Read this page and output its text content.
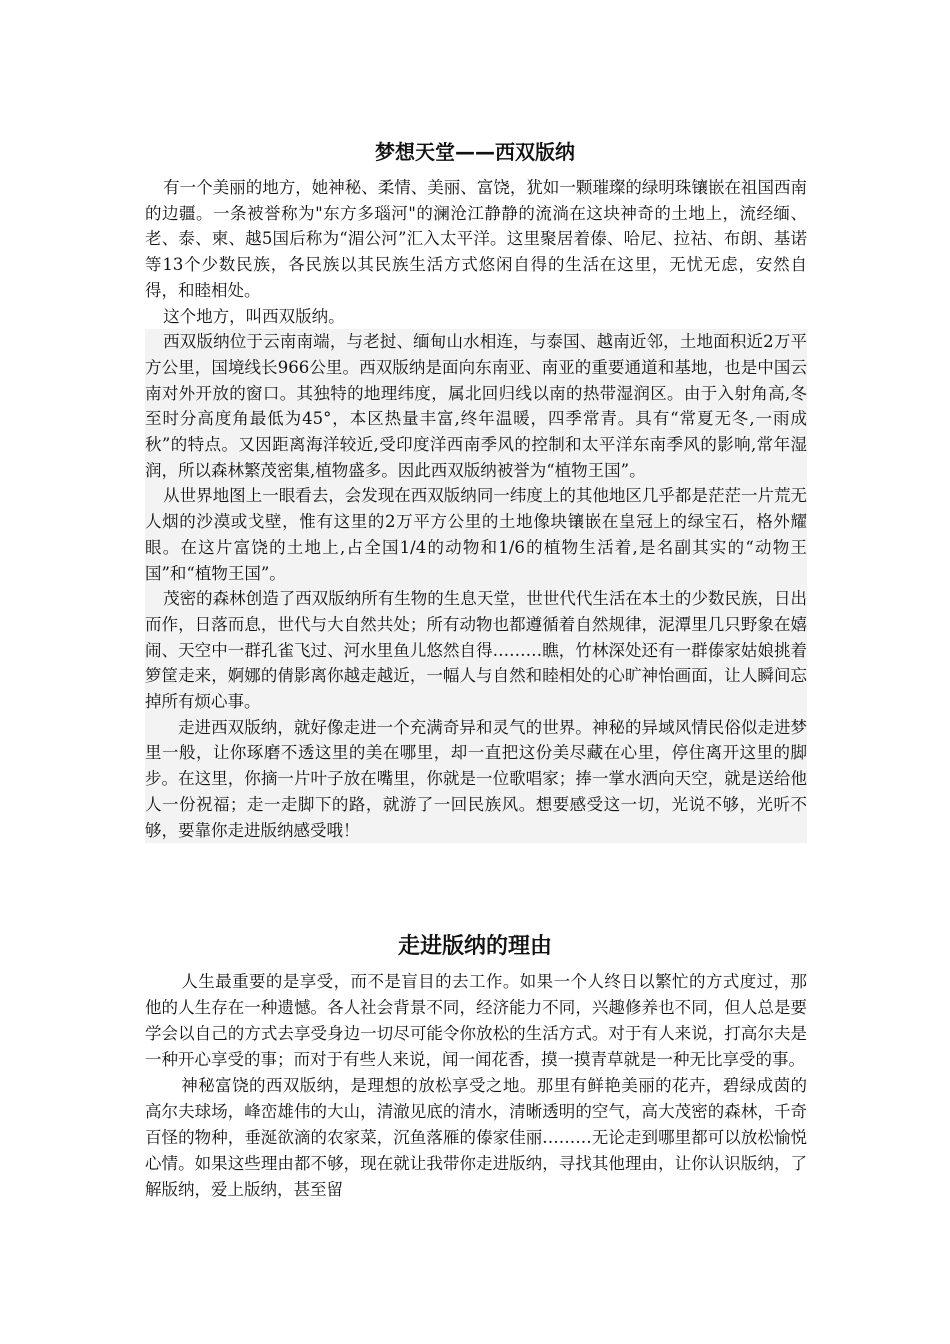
梦想天堂——西双版纳

有一个美丽的地方，她神秘、柔情、美丽、富饶，犹如一颗璀璨的绿明珠镶嵌在祖国西南的边疆。一条被誉称为"东方多瑙河"的澜沧江静静的流淌在这块神奇的土地上，流经缅、老、泰、柬、越5国后称为“湄公河”汇入太平洋。这里聚居着傣、哈尼、拉祜、布朗、基诺等13个少数民族，各民族以其民族生活方式悠闲自得的生活在这里，无忧无虑，安然自得，和睦相处。

这个地方，叫西双版纳。

西双版纳位于云南南端，与老挝、缅甸山水相连，与泰国、越南近邻，土地面积近2万平方公里，国境线长966公里。西双版纳是面向东南亚、南亚的重要通道和基地，也是中国云南对外开放的窗口。其独特的地理纬度，属北回归线以南的热带湿润区。由于入射角高,冬至时分高度角最低为45°，本区热量丰富,终年温暖，四季常青。具有“常夏无冬,一雨成秋”的特点。又因距离海洋较近,受印度洋西南季风的控制和太平洋东南季风的影响,常年湿润，所以森林繁茂密集,植物盛多。因此西双版纳被誉为“植物王国”。

从世界地图上一眼看去，会发现在西双版纳同一纬度上的其他地区几乎都是茫茫一片荒无人烟的沙漠或戈壁，惟有这里的2万平方公里的土地像块镶嵌在皇冠上的绿宝石，格外耀眼。在这片富饶的土地上,占全国1/4的动物和1/6的植物生活着,是名副其实的“动物王国”和“植物王国”。

茂密的森林创造了西双版纳所有生物的生息天堂，世世代代生活在本土的少数民族，日出而作，日落而息，世代与大自然共处；所有动物也都遵循着自然规律，泥潭里几只野象在嬉闹、天空中一群孔雀飞过、河水里鱼儿悠然自得………瞧，竹林深处还有一群傣家姑娘挑着箩筐走来，婀娜的倩影离你越走越近，一幅人与自然和睦相处的心旷神怡画面，让人瞬间忘掉所有烦心事。

走进西双版纳，就好像走进一个充满奇异和灵气的世界。神秘的异域风情民俗似走进梦里一般，让你琢磨不透这里的美在哪里，却一直把这份美尽藏在心里，停住离开这里的脚步。在这里，你摘一片叶子放在嘴里，你就是一位歌唱家；捧一掌水洒向天空，就是送给他人一份祝福；走一走脚下的路，就游了一回民族风。想要感受这一切，光说不够，光听不够，要靠你走进版纳感受哦！

走进版纳的理由

人生最重要的是享受，而不是盲目的去工作。如果一个人终日以繁忙的方式度过，那他的人生存在一种遗憾。各人社会背景不同，经济能力不同，兴趣修养也不同，但人总是要学会以自己的方式去享受身边一切尽可能令你放松的生活方式。对于有人来说，打高尔夫是一种开心享受的事；而对于有些人来说，闻一闻花香，摸一摸青草就是一种无比享受的事。

神秘富饶的西双版纳，是理想的放松享受之地。那里有鲜艳美丽的花卉，碧绿成茵的高尔夫球场，峰峦雄伟的大山，清澈见底的清水，清晰透明的空气，高大茂密的森林，千奇百怪的物种，垂涎欲滴的农家菜，沉鱼落雁的傣家佳丽………无论走到哪里都可以放松愉悦心情。如果这些理由都不够，现在就让我带你走进版纳，寻找其他理由，让你认识版纳，了解版纳，爱上版纳，甚至留
